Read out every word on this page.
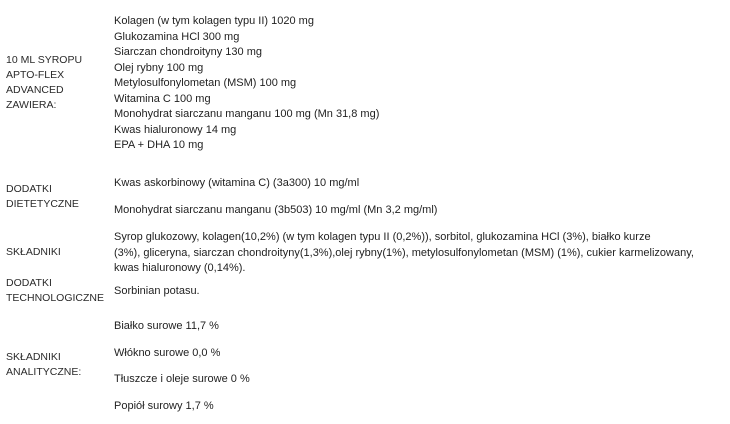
10 ML SYROPU
APTO-FLEX
ADVANCED
ZAWIERA:
Kolagen (w tym kolagen typu II) 1020 mg
Glukozamina HCl 300 mg
Siarczan chondroityny 130 mg
Olej rybny 100 mg
Metylosulfonylometan (MSM) 100 mg
Witamina C 100 mg
Monohydrat siarczanu manganu 100 mg (Mn 31,8 mg)
Kwas hialuronowy 14 mg
EPA + DHA 10 mg
DODATKI
DIETETYCZNE
Kwas askorbinowy (witamina C) (3a300) 10 mg/ml
Monohydrat siarczanu manganu (3b503) 10 mg/ml (Mn 3,2 mg/ml)
SKŁADNIKI
Syrop glukozowy, kolagen(10,2%) (w tym kolagen typu II (0,2%)), sorbitol, glukozamina HCl (3%), białko kurze
(3%), gliceryna, siarczan chondroityny(1,3%),olej rybny(1%), metylosulfonylometan (MSM) (1%), cukier karmelizowany,
kwas hialuronowy (0,14%).
DODATKI
TECHNOLOGICZNE
Sorbinian potasu.
SKŁADNIKI
ANALITYCZNE:
Białko surowe 11,7 %
Włókno surowe 0,0 %
Tłuszcze i oleje surowe 0 %
Popiół surowy 1,7 %
